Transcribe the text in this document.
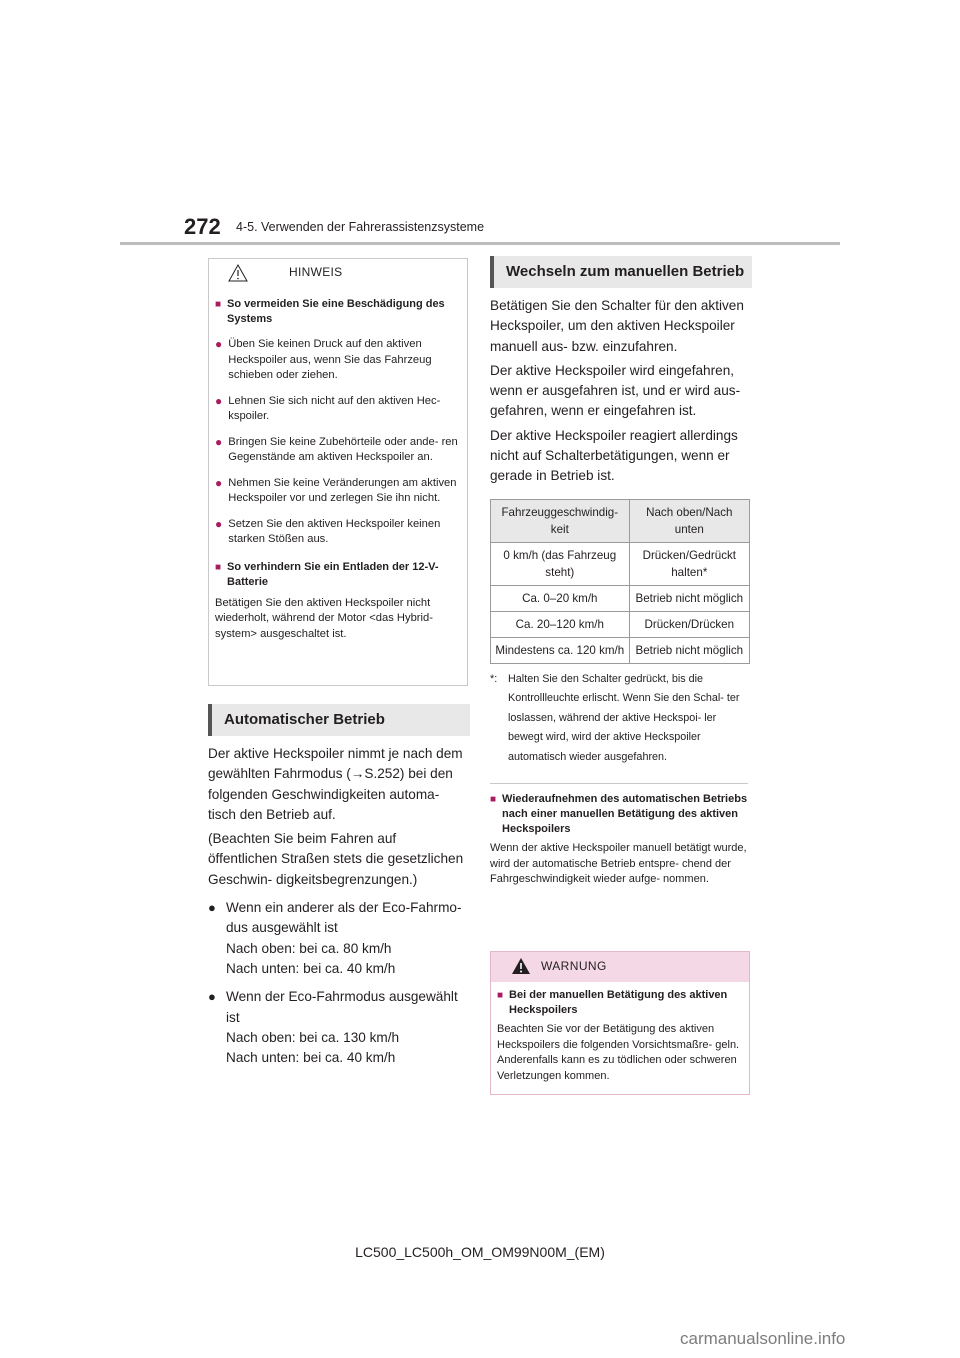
272 4-5. Verwenden der Fahrerassistenzsysteme
HINWEIS
■ So vermeiden Sie eine Beschädigung des Systems
● Üben Sie keinen Druck auf den aktiven Heckspoiler aus, wenn Sie das Fahrzeug schieben oder ziehen.
● Lehnen Sie sich nicht auf den aktiven Hec- kspoiler.
● Bringen Sie keine Zubehörteile oder ande- ren Gegenstände am aktiven Heckspoiler an.
● Nehmen Sie keine Veränderungen am aktiven Heckspoiler vor und zerlegen Sie ihn nicht.
● Setzen Sie den aktiven Heckspoiler keinen starken Stößen aus.
■ So verhindern Sie ein Entladen der 12-V- Batterie
Betätigen Sie den aktiven Heckspoiler nicht wiederholt, während der Motor <das Hybrid- system> ausgeschaltet ist.
Automatischer Betrieb
Der aktive Heckspoiler nimmt je nach dem gewählten Fahrmodus (→S.252) bei den folgenden Geschwindigkeiten automa- tisch den Betrieb auf.
(Beachten Sie beim Fahren auf öffentlichen Straßen stets die gesetzlichen Geschwin- digkeitsbegrenzungen.)
● Wenn ein anderer als der Eco-Fahrmo- dus ausgewählt ist
Nach oben: bei ca. 80 km/h
Nach unten: bei ca. 40 km/h
● Wenn der Eco-Fahrmodus ausgewählt ist
Nach oben: bei ca. 130 km/h
Nach unten: bei ca. 40 km/h
Wechseln zum manuellen Betrieb
Betätigen Sie den Schalter für den aktiven Heckspoiler, um den aktiven Heckspoiler manuell aus- bzw. einzufahren.
Der aktive Heckspoiler wird eingefahren, wenn er ausgefahren ist, und er wird aus- gefahren, wenn er eingefahren ist.
Der aktive Heckspoiler reagiert allerdings nicht auf Schalterbetätigungen, wenn er gerade in Betrieb ist.
Fahrzeuggeschwindig- keit	Nach oben/Nach unten
0 km/h (das Fahrzeug steht)	Drücken/Gedrückt halten*
Ca. 0–20 km/h	Betrieb nicht möglich
Ca. 20–120 km/h	Drücken/Drücken
Mindestens ca. 120 km/h	Betrieb nicht möglich
*: Halten Sie den Schalter gedrückt, bis die Kontrollleuchte erlischt. Wenn Sie den Schal- ter loslassen, während der aktive Heckspoi- ler bewegt wird, wird der aktive Heckspoiler automatisch wieder ausgefahren.
■ Wiederaufnehmen des automatischen Betriebs nach einer manuellen Betätigung des aktiven Heckspoilers
Wenn der aktive Heckspoiler manuell betätigt wurde, wird der automatische Betrieb entspre- chend der Fahrgeschwindigkeit wieder aufge- nommen.
WARNUNG
■ Bei der manuellen Betätigung des aktiven Heckspoilers
Beachten Sie vor der Betätigung des aktiven Heckspoilers die folgenden Vorsichtsmaßre- geln. Anderenfalls kann es zu tödlichen oder schweren Verletzungen kommen.
LC500_LC500h_OM_OM99N00M_(EM)
carmanualsonline.info
